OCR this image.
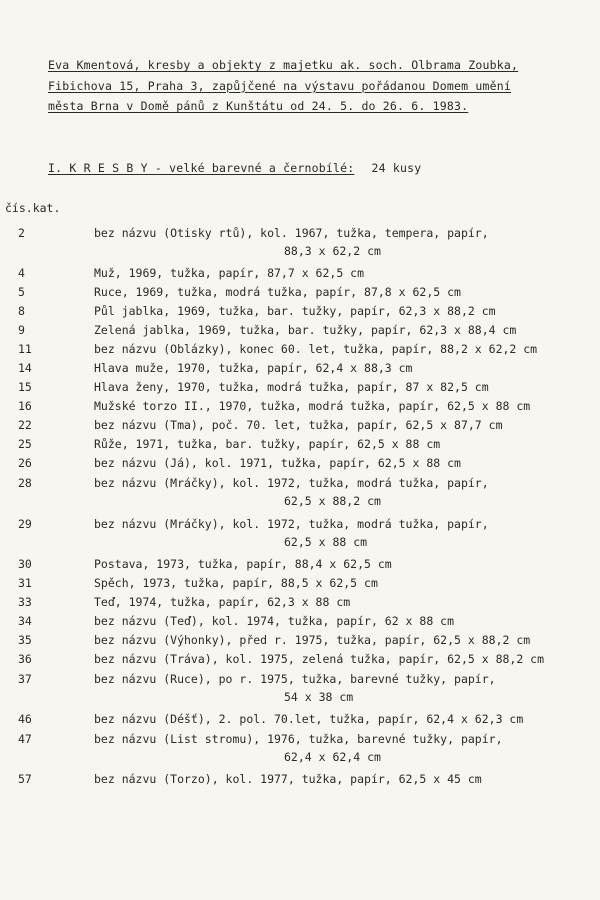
Eva Kmentová, kresby a objekty z majetku ak. soch. Olbrama Zoubka,
Fibichova 15, Praha 3, zapůjčené na výstavu pořádanou Domem umění
města Brna v Domě pánů z Kunštátu od 24. 5. do 26. 6. 1983.
I. K R E S B Y - velké barevné a černobílé: 24 kusy
čís.kat.
2	bez názvu (Otisky rtů), kol. 1967, tužka, tempera, papír,
88,3 x 62,2 cm
4	Muž, 1969, tužka, papír, 87,7 x 62,5 cm
5	Ruce, 1969, tužka, modrá tužka, papír, 87,8 x 62,5 cm
8	Půl jablka, 1969, tužka, bar. tužky, papír, 62,3 x 88,2 cm
9	Zelená jablka, 1969, tužka, bar. tužky, papír, 62,3 x 88,4 cm
11	bez názvu (Oblázky), konec 60. let, tužka, papír, 88,2 x 62,2 cm
14	Hlava muže, 1970, tužka, papír, 62,4 x 88,3 cm
15	Hlava ženy, 1970, tužka, modrá tužka, papír, 87 x 82,5 cm
16	Mužské torzo II., 1970, tužka, modrá tužka, papír, 62,5 x 88 cm
22	bez názvu (Tma), poč. 70. let, tužka, papír, 62,5 x 87,7 cm
25	Růže, 1971, tužka, bar. tužky, papír, 62,5 x 88 cm
26	bez názvu (Já), kol. 1971, tužka, papír, 62,5 x 88 cm
28	bez názvu (Mráčky), kol. 1972, tužka, modrá tužka, papír,
62,5 x 88,2 cm
29	bez názvu (Mráčky), kol. 1972, tužka, modrá tužka, papír,
62,5 x 88 cm
30	Postava, 1973, tužka, papír, 88,4 x 62,5 cm
31	Spěch, 1973, tužka, papír, 88,5 x 62,5 cm
33	Teď, 1974, tužka, papír, 62,3 x 88 cm
34	bez názvu (Teď), kol. 1974, tužka, papír, 62 x 88 cm
35	bez názvu (Výhonky), před r. 1975, tužka, papír, 62,5 x 88,2 cm
36	bez názvu (Tráva), kol. 1975, zelená tužka, papír, 62,5 x 88,2 cm
37	bez názvu (Ruce), po r. 1975, tužka, barevné tužky, papír,
54 x 38 cm
46	bez názvu (Déšť), 2. pol. 70.let, tužka, papír, 62,4 x 62,3 cm
47	bez názvu (List stromu), 1976, tužka, barevné tužky, papír,
62,4 x 62,4 cm
57	bez názvu (Torzo), kol. 1977, tužka, papír, 62,5 x 45 cm
